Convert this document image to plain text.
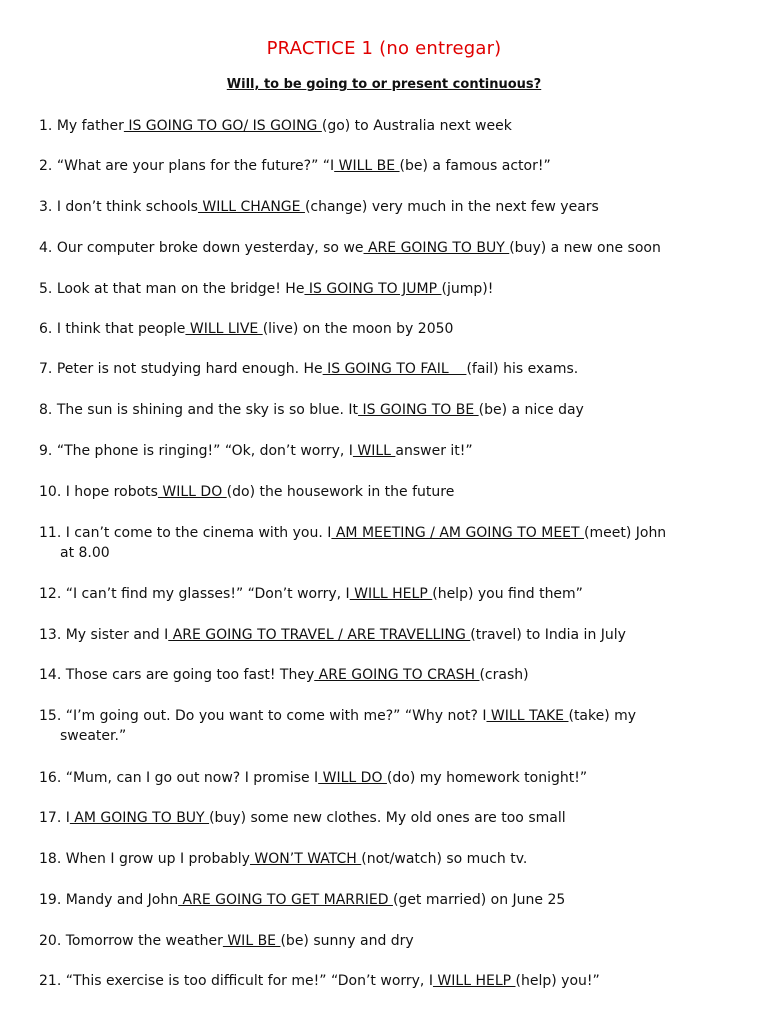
PRACTICE 1 (no entregar)
Will, to be going to or present continuous?
1. My father IS GOING TO GO/ IS GOING (go) to Australia next week
2. “What are your plans for the future?” “I WILL BE (be) a famous actor!”
3. I don’t think schools WILL CHANGE (change) very much in the next few years
4. Our computer broke down yesterday, so we ARE GOING TO BUY (buy) a new one soon
5. Look at that man on the bridge! He IS GOING TO JUMP (jump)!
6. I think that people WILL LIVE (live) on the moon by 2050
7. Peter is not studying hard enough. He IS GOING TO FAIL    (fail) his exams.
8. The sun is shining and the sky is so blue. It IS GOING TO BE (be) a nice day
9. “The phone is ringing!” “Ok, don’t worry, I WILL answer it!”
10. I hope robots WILL DO (do) the housework in the future
11. I can’t come to the cinema with you. I AM MEETING / AM GOING TO MEET (meet) John
at 8.00
12. “I can’t find my glasses!” “Don’t worry, I WILL HELP (help) you find them”
13. My sister and I ARE GOING TO TRAVEL / ARE TRAVELLING (travel) to India in July
14. Those cars are going too fast! They ARE GOING TO CRASH (crash)
15. “I’m going out. Do you want to come with me?” “Why not? I WILL TAKE (take) my
sweater.”
16. “Mum, can I go out now? I promise I WILL DO (do) my homework tonight!”
17. I AM GOING TO BUY (buy) some new clothes. My old ones are too small
18. When I grow up I probably WON’T WATCH (not/watch) so much tv.
19. Mandy and John ARE GOING TO GET MARRIED (get married) on June 25
20. Tomorrow the weather WIL BE (be) sunny and dry
21. “This exercise is too difficult for me!” “Don’t worry, I WILL HELP (help) you!”
